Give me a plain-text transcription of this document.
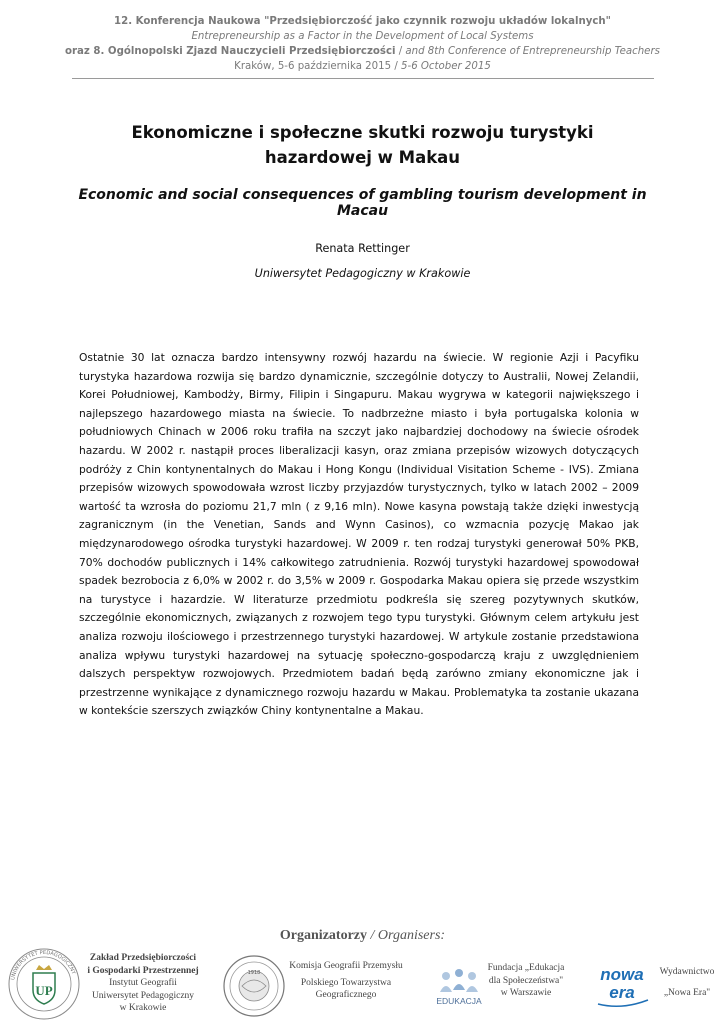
12. Konferencja Naukowa "Przedsiębiorczość jako czynnik rozwoju układów lokalnych"
Entrepreneurship as a Factor in the Development of Local Systems
oraz 8. Ogólnopolski Zjazd Nauczycieli Przedsiębiorczości / and 8th Conference of Entrepreneurship Teachers
Kraków, 5-6 października 2015 / 5-6 October 2015
Ekonomiczne i społeczne skutki rozwoju turystyki hazardowej w Makau
Economic and social consequences of gambling tourism development in Macau
Renata Rettinger
Uniwersytet Pedagogiczny w Krakowie

Ostatnie 30 lat oznacza bardzo intensywny rozwój hazardu na świecie. W regionie Azji i Pacyfiku turystyka hazardowa rozwija się bardzo dynamicznie, szczególnie dotyczy to Australii, Nowej Zelandii, Korei Południowej, Kambodży, Birmy, Filipin i Singapuru. Makau wygrywa w kategorii największego i najlepszego hazardowego miasta na świecie. To nadbrzeżne miasto i była portugalska kolonia w południowych Chinach w 2006 roku trafiła na szczyt jako najbardziej dochodowy na świecie ośrodek hazardu. W 2002 r. nastąpił proces liberalizacji kasyn, oraz zmiana przepisów wizowych dotyczących podróży z Chin kontynentalnych do Makau i Hong Kongu (Individual Visitation Scheme - IVS). Zmiana przepisów wizowych spowodowała wzrost liczby przyjazdów turystycznych, tylko w latach 2002 – 2009 wartość ta wzrosła do poziomu 21,7 mln ( z 9,16 mln). Nowe kasyna powstają także dzięki inwestycją zagranicznym (in the Venetian, Sands and Wynn Casinos), co wzmacnia pozycję Makao jak międzynarodowego ośrodka turystyki hazardowej. W 2009 r. ten rodzaj turystyki generował 50% PKB, 70% dochodów publicznych i 14% całkowitego zatrudnienia. Rozwój turystyki hazardowej spowodował spadek bezrobocia z 6,0% w 2002 r. do 3,5% w 2009 r. Gospodarka Makau opiera się przede wszystkim na turystyce i hazardzie. W literaturze przedmiotu podkreśla się szereg pozytywnych skutków, szczególnie ekonomicznych, związanych z rozwojem tego typu turystyki. Głównym celem artykułu jest analiza rozwoju ilościowego i przestrzennego turystyki hazardowej. W artykule zostanie przedstawiona analiza wpływu turystyki hazardowej na sytuację społeczno-gospodarczą kraju z uwzględnieniem dalszych perspektyw rozwojowych. Przedmiotem badań będą zarówno zmiany ekonomiczne jak i przestrzenne wynikające z dynamicznego rozwoju hazardu w Makau. Problematyka ta zostanie ukazana w kontekście szerszych związków Chiny kontynentalne a Makau.

Organizatorzy / Organisers:
UNIWERSYTET PEDAGOGICZNY
UP
Zakład Przedsiębiorczości
i Gospodarki Przestrzennej
Instytut Geografii
Uniwersytet Pedagogiczny
w Krakowie
1918
Komisja Geografii Przemysłu
Polskiego Towarzystwa
Geograficznego
EDUKACJA
Fundacja „Edukacja
dla Społeczeństwa"
w Warszawie
nowa
era
Wydawnictwo
„Nowa Era"
